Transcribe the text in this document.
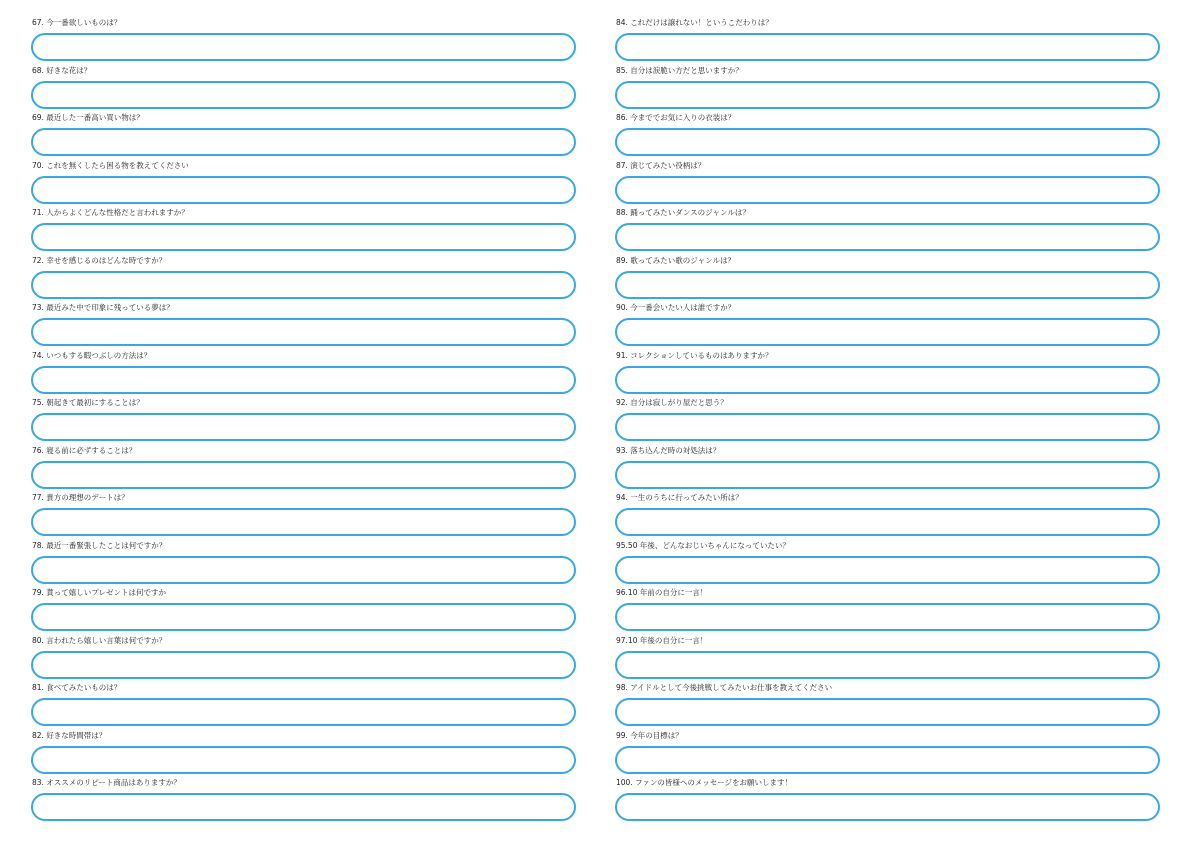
67. 今一番欲しいものは？
68. 好きな花は？
69. 最近した一番高い買い物は？
70. これを無くしたら困る物を教えてください
71. 人からよくどんな性格だと言われますか？
72. 幸せを感じるのはどんな時ですか？
73. 最近みた中で印象に残っている夢は？
74. いつもする暇つぶしの方法は？
75. 朝起きて最初にすることは？
76. 寝る前に必ずすることは？
77. 貴方の理想のデートは？
78. 最近一番緊張したことは何ですか？
79. 貰って嬉しいプレゼントは何ですか
80. 言われたら嬉しい言葉は何ですか？
81. 食べてみたいものは？
82. 好きな時間帯は？
83. オススメのリピート商品はありますか？
84. これだけは譲れない！というこだわりは？
85. 自分は涙脆い方だと思いますか？
86. 今まででお気に入りの衣装は？
87. 演じてみたい役柄は？
88. 踊ってみたいダンスのジャンルは？
89. 歌ってみたい歌のジャンルは？
90. 今一番会いたい人は誰ですか？
91. コレクションしているものはありますか？
92. 自分は寂しがり屋だと思う？
93. 落ち込んだ時の対処法は？
94. 一生のうちに行ってみたい所は？
95.50 年後、どんなおじいちゃんになっていたい？
96.10 年前の自分に一言！
97.10 年後の自分に一言！
98. アイドルとして今後挑戦してみたいお仕事を教えてください
99. 今年の目標は？
100. ファンの皆様へのメッセージをお願いします！
